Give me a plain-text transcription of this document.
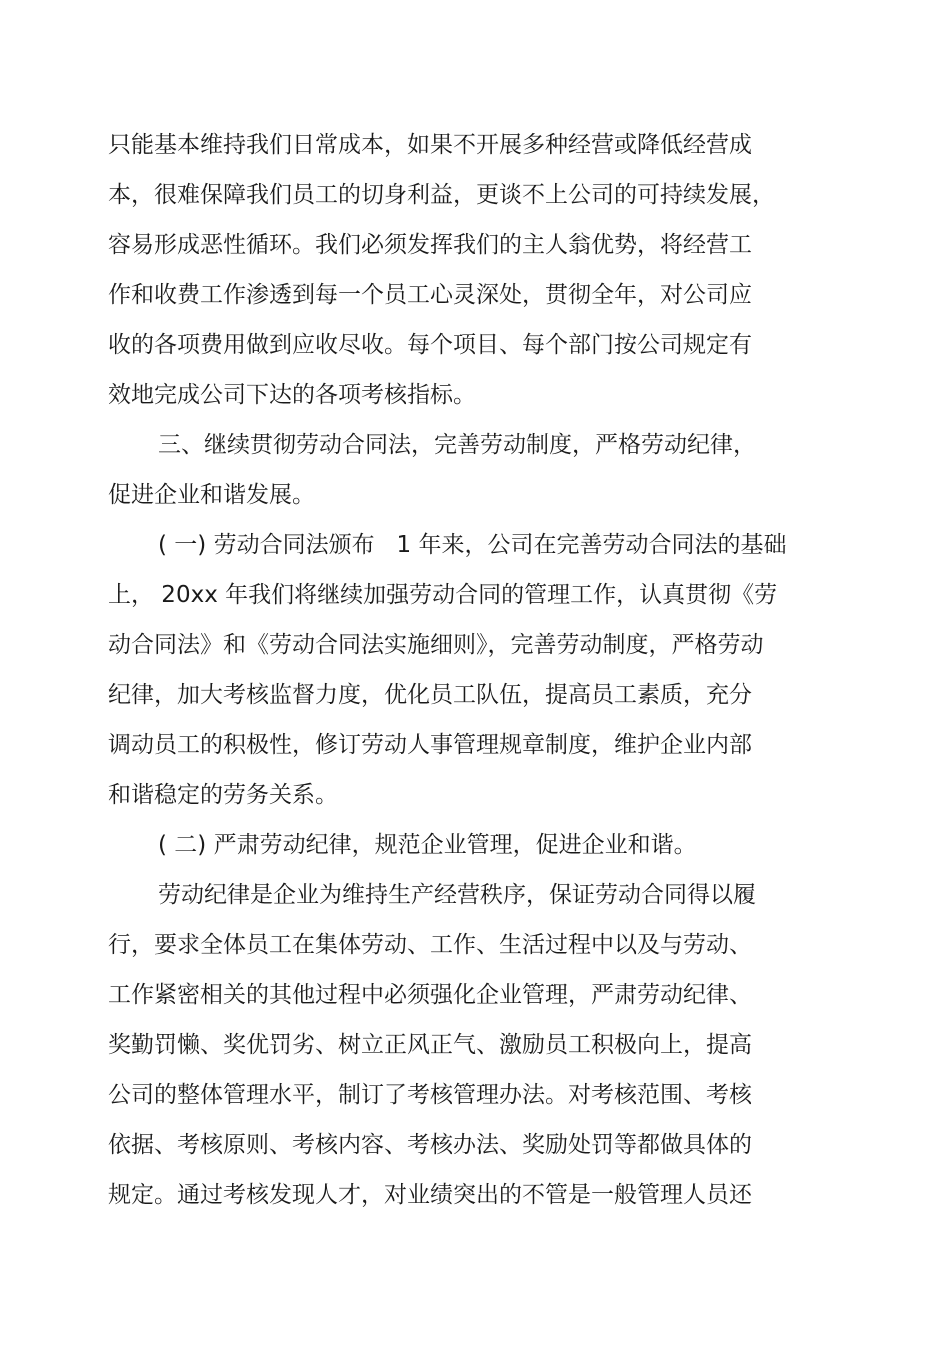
只能基本维持我们日常成本，如果不开展多种经营或降低经营成
本，很难保障我们员工的切身利益，更谈不上公司的可持续发展，
容易形成恶性循环。我们必须发挥我们的主人翁优势，将经营工
作和收费工作渗透到每一个员工心灵深处，贯彻全年，对公司应
收的各项费用做到应收尽收。每个项目、每个部门按公司规定有
效地完成公司下达的各项考核指标。
三、继续贯彻劳动合同法，完善劳动制度，严格劳动纪律，
促进企业和谐发展。
( 一) 劳动合同法颁布   1 年来，公司在完善劳动合同法的基础
上， 20xx 年我们将继续加强劳动合同的管理工作，认真贯彻《劳
动合同法》和《劳动合同法实施细则》，完善劳动制度，严格劳动
纪律，加大考核监督力度，优化员工队伍，提高员工素质，充分
调动员工的积极性，修订劳动人事管理规章制度，维护企业内部
和谐稳定的劳务关系。
( 二) 严肃劳动纪律，规范企业管理，促进企业和谐。
劳动纪律是企业为维持生产经营秩序，保证劳动合同得以履
行，要求全体员工在集体劳动、工作、生活过程中以及与劳动、
工作紧密相关的其他过程中必须强化企业管理，严肃劳动纪律、
奖勤罚懒、奖优罚劣、树立正风正气、激励员工积极向上，提高
公司的整体管理水平，制订了考核管理办法。对考核范围、考核
依据、考核原则、考核内容、考核办法、奖励处罚等都做具体的
规定。通过考核发现人才，对业绩突出的不管是一般管理人员还
